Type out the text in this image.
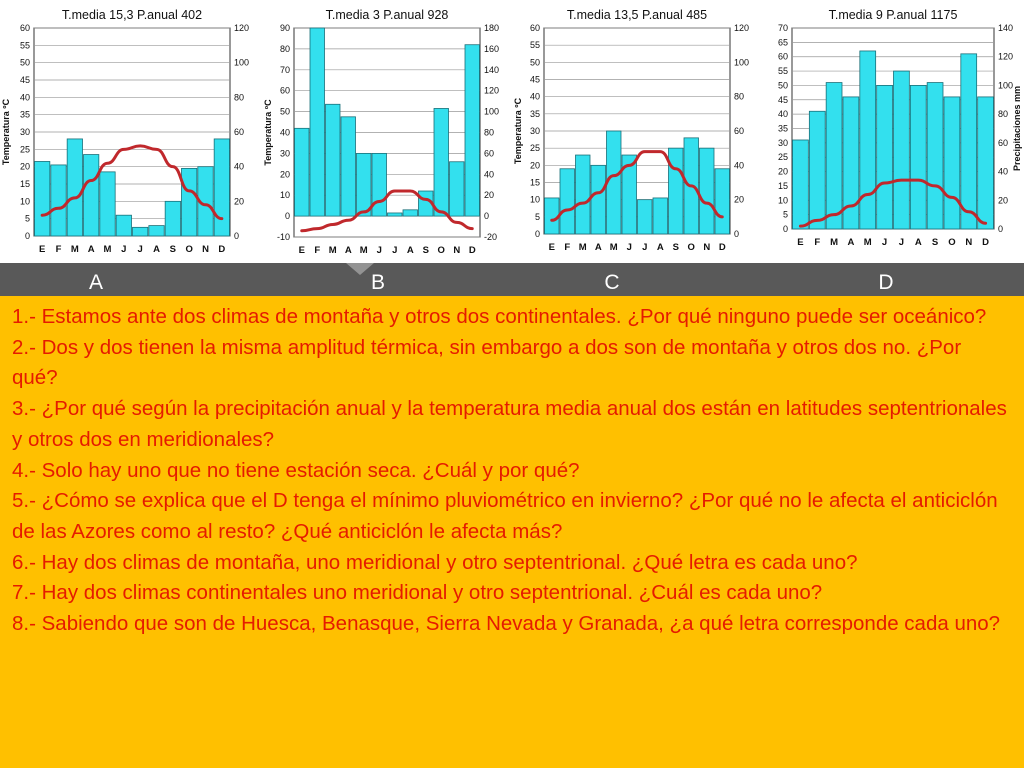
60
55
50
45
40
35
30
25
20
15
10
5
0
120
100
80
60
40
20
0
E F M A M J J A S O N D
T.media 15,3 P.anual 402
Temperatura ºC
90
80
70
60
50
40
30
20
10
0
-10
180
160
140
120
100
80
60
40
20
0
-20
E F M A M J J A S O N D
T.media 3 P.anual 928
Temperatura ºC
60
55
50
45
40
35
30
25
20
15
10
5
0
120
100
80
60
40
20
0
E F M A M J J A S O N D
T.media 13,5 P.anual 485
Temperatura ºC
70
65
60
55
50
45
40
35
30
25
20
15
10
5
0
140
120
100
80
60
40
20
0
E F M A M J J A S O N D
T.media 9 P.anual 1175
Precipitaciones mm
A	B	C	D
1.- Estamos ante dos climas de montaña y otros dos continentales. ¿Por qué ninguno puede ser oceánico?
2.- Dos y dos tienen la misma amplitud térmica, sin embargo a dos son de montaña y otros dos no. ¿Por qué?
3.- ¿Por qué según la precipitación anual y la temperatura media anual dos están en latitudes septentrionales y otros dos en meridionales?
4.- Solo hay uno que no tiene estación seca. ¿Cuál y por qué?
5.- ¿Cómo se explica que el D tenga el mínimo pluviométrico en invierno? ¿Por qué no le afecta el anticiclón de las Azores como al resto? ¿Qué anticiclón le afecta más?
6.- Hay dos climas de montaña, uno meridional y otro septentrional. ¿Qué letra es cada uno?
7.- Hay dos climas continentales uno meridional y otro septentrional. ¿Cuál es cada uno?
8.- Sabiendo que son de Huesca, Benasque, Sierra Nevada y Granada, ¿a qué letra corresponde cada uno?
